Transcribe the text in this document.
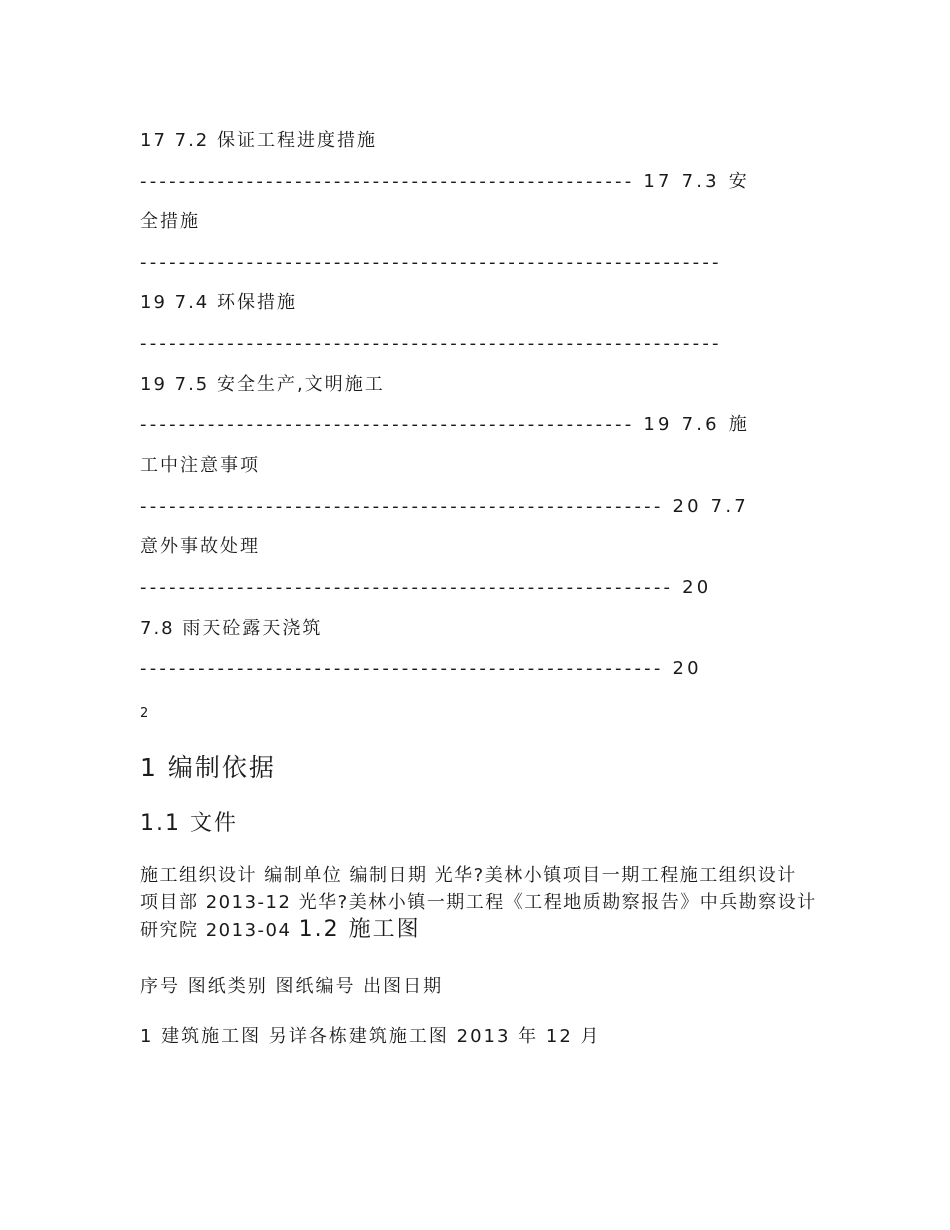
17 7.2 保证工程进度措施
--------------------------------------------------- 17 7.3 安
全措施
------------------------------------------------------------
19 7.4 环保措施
------------------------------------------------------------
19 7.5 安全生产,文明施工
--------------------------------------------------- 19 7.6 施
工中注意事项
------------------------------------------------------ 20 7.7
意外事故处理
------------------------------------------------------- 20
7.8 雨天砼露天浇筑
------------------------------------------------------ 20
2
1 编制依据
1.1 文件
施工组织设计 编制单位 编制日期 光华?美林小镇项目一期工程施工组织设计 项目部 2013-12 光华?美林小镇一期工程《工程地质勘察报告》中兵勘察设计研究院 2013-04 1.2 施工图
序号 图纸类别 图纸编号 出图日期
1 建筑施工图 另详各栋建筑施工图 2013 年 12 月
